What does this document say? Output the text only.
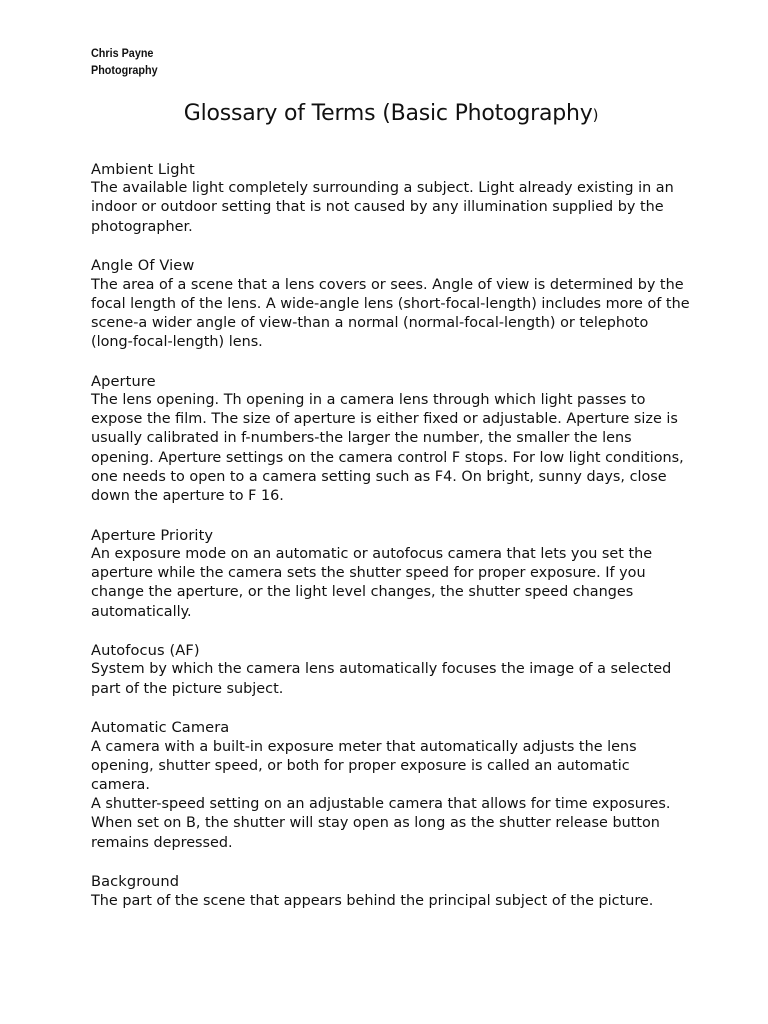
Chris Payne
Photography
Glossary of Terms (Basic Photography)
Ambient Light

The available light completely surrounding a subject. Light already existing in an indoor or outdoor setting that is not caused by any illumination supplied by the photographer.

Angle Of View

The area of a scene that a lens covers or sees. Angle of view is determined by the focal length of the lens. A wide-angle lens (short-focal-length) includes more of the scene-a wider angle of view-than a normal (normal-focal-length) or telephoto (long-focal-length) lens.

Aperture

The lens opening. Th opening in a camera lens through which light passes to expose the film. The size of aperture is either fixed or adjustable. Aperture size is usually calibrated in f-numbers-the larger the number, the smaller the lens opening. Aperture settings on the camera control F stops. For low light conditions, one needs to open to a camera setting such as F4. On bright, sunny days, close down the aperture to F 16.

Aperture Priority

An exposure mode on an automatic or autofocus camera that lets you set the aperture while the camera sets the shutter speed for proper exposure. If you change the aperture, or the light level changes, the shutter speed changes automatically.

Autofocus (AF)

System by which the camera lens automatically focuses the image of a selected part of the picture subject.

Automatic Camera

A camera with a built-in exposure meter that automatically adjusts the lens opening, shutter speed, or both for proper exposure is called an automatic camera.

A shutter-speed setting on an adjustable camera that allows for time exposures. When set on B, the shutter will stay open as long as the shutter release button remains depressed.

Background

The part of the scene that appears behind the principal subject of the picture.
